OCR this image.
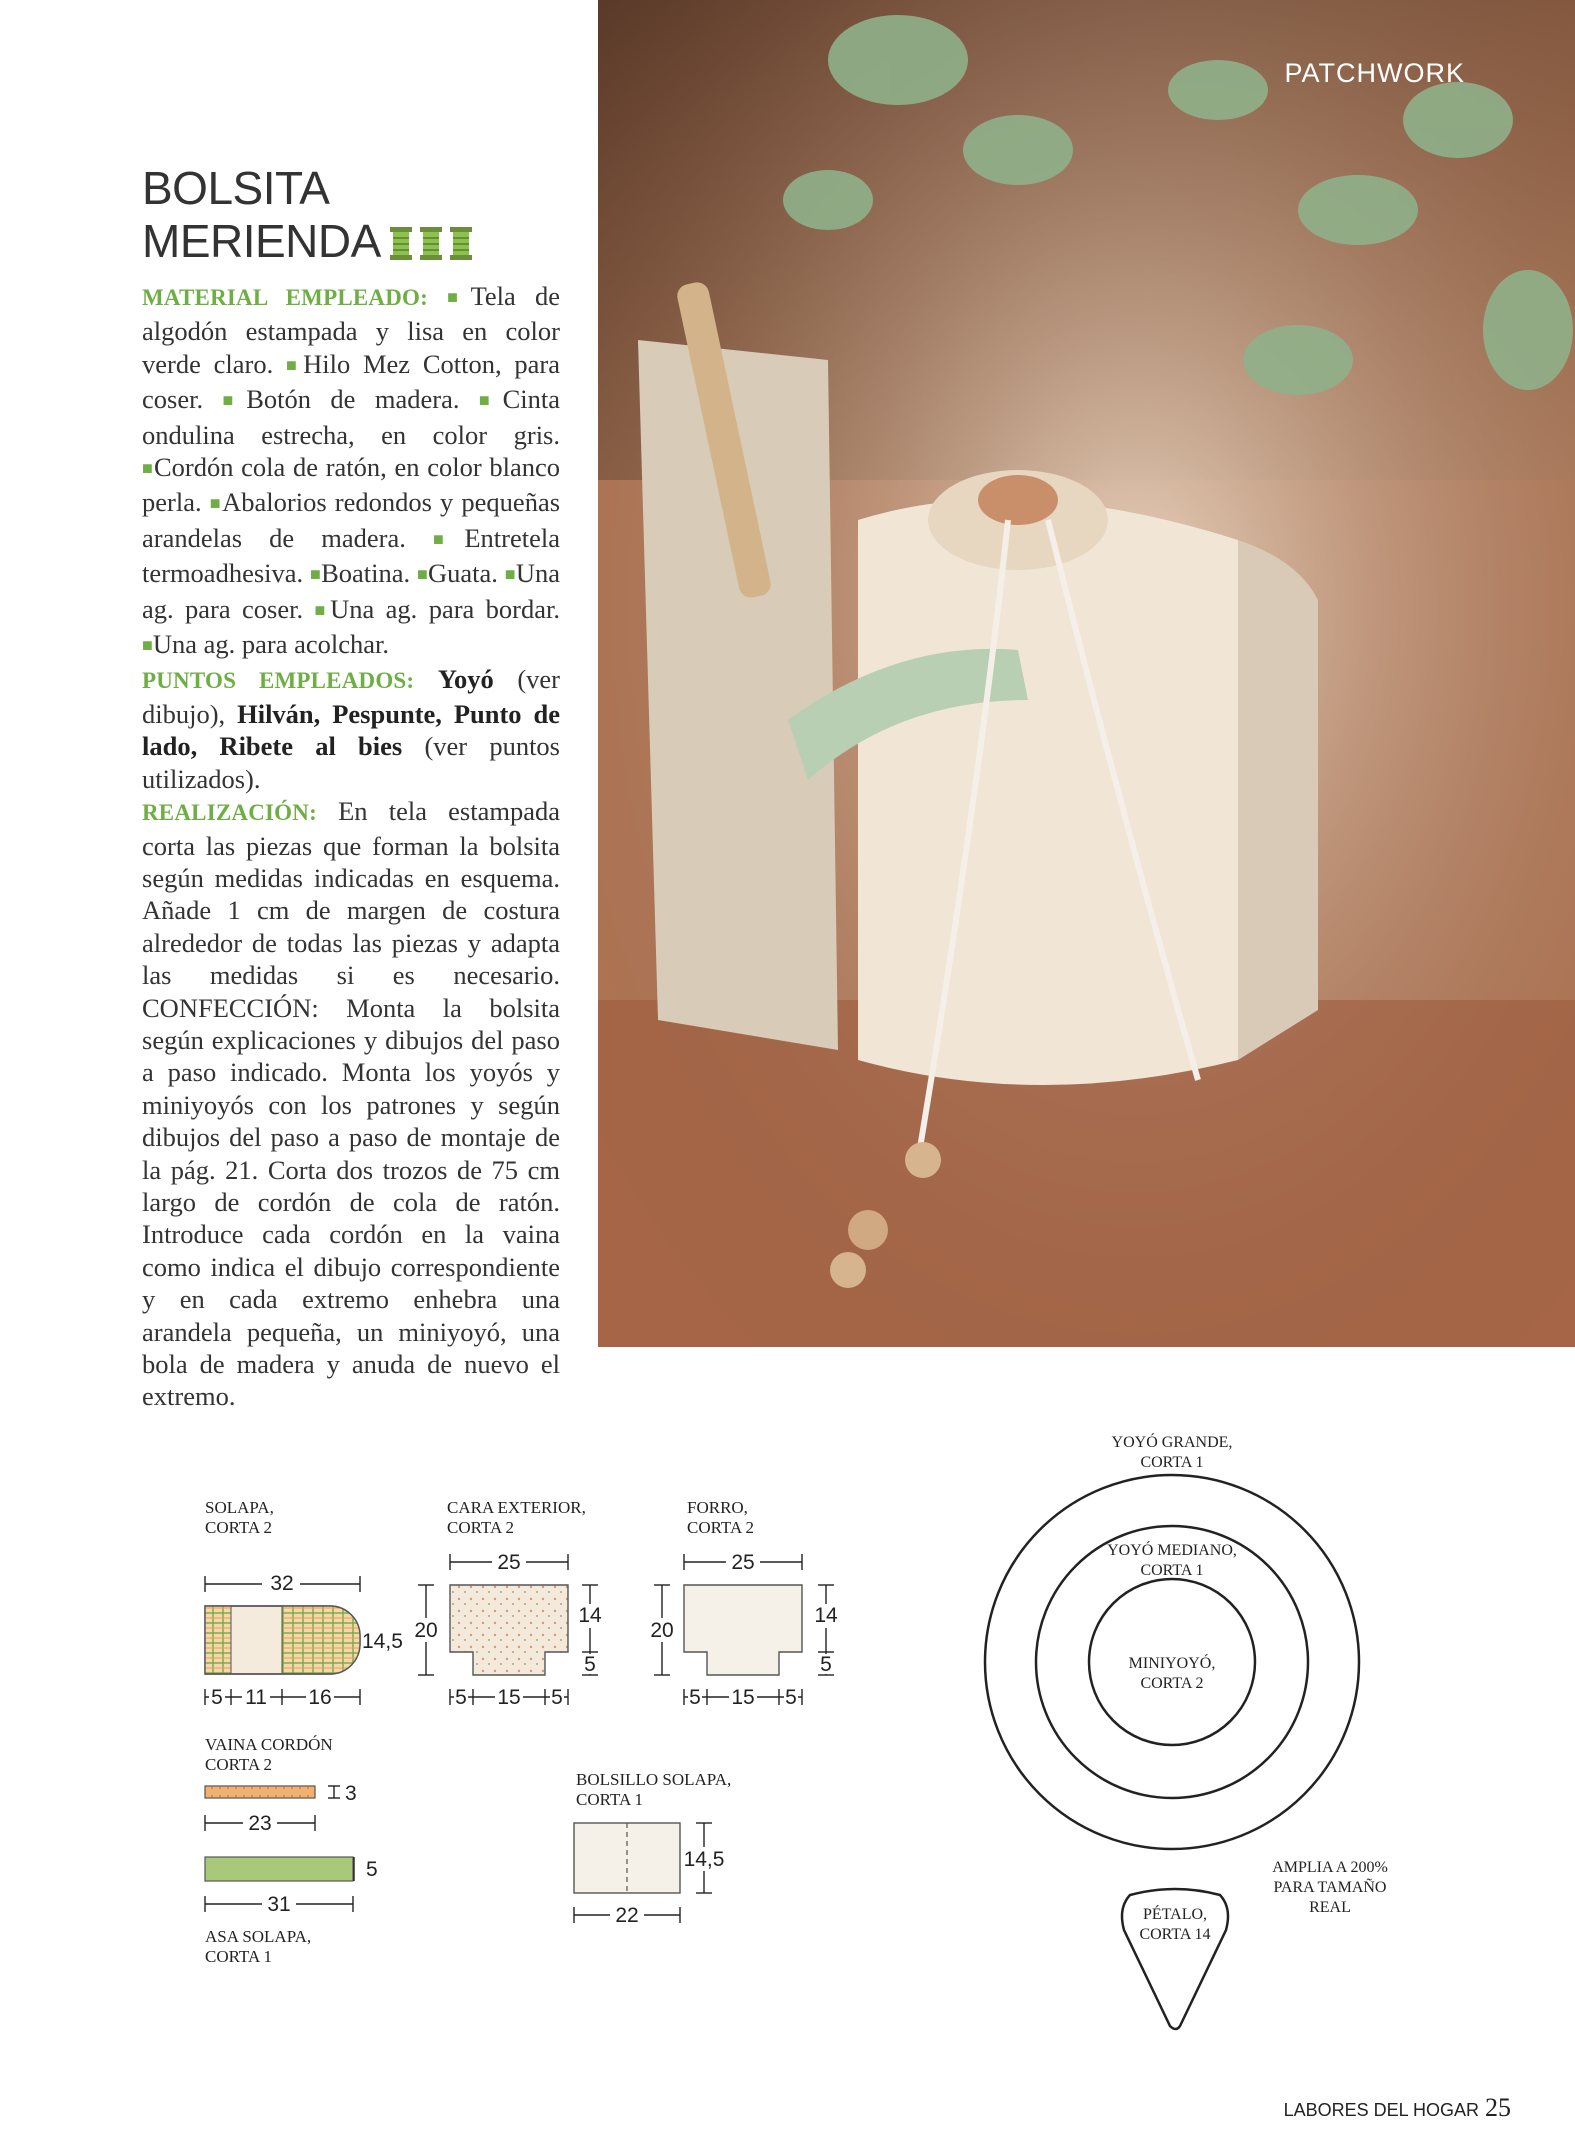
PATCHWORK
BOLSITA
MERIENDA

MATERIAL EMPLEADO: ■Tela de algodón estampada y lisa en color verde claro. ■Hilo Mez Cotton, para coser. ■Botón de madera. ■Cinta ondulina estrecha, en color gris. ■Cordón cola de ratón, en color blanco perla. ■Abalorios redondos y pequeñas arandelas de madera. ■Entretela termoadhesiva. ■Boatina. ■Guata. ■Una ag. para coser. ■Una ag. para bordar. ■Una ag. para acolchar.

PUNTOS EMPLEADOS: Yoyó (ver dibujo), Hilván, Pespunte, Punto de lado, Ribete al bies (ver puntos utilizados).

REALIZACIÓN: En tela estampada corta las piezas que forman la bolsita según medidas indicadas en esquema. Añade 1 cm de margen de costura alrededor de todas las piezas y adapta las medidas si es necesario. CONFECCIÓN: Monta la bolsita según explicaciones y dibujos del paso a paso indicado. Monta los yoyós y miniyoyós con los patrones y según dibujos del paso a paso de montaje de la pág. 21. Corta dos trozos de 75 cm largo de cordón de cola de ratón. Introduce cada cordón en la vaina como indica el dibujo correspondiente y en cada extremo enhebra una arandela pequeña, un miniyoyó, una bola de madera y anuda de nuevo el extremo.

SOLAPA,
CORTA 2
32
14,5
5 11 16
CARA EXTERIOR,
CORTA 2
25
20
14
5
5 15 5
FORRO,
CORTA 2
25
20
14
5
5 15 5
VAINA CORDÓN
CORTA 2
3
23
5
31
ASA SOLAPA,
CORTA 1
BOLSILLO SOLAPA,
CORTA 1
14,5
22
YOYÓ GRANDE,
CORTA 1
YOYÓ MEDIANO,
CORTA 1
MINIYOYÓ,
CORTA 2
PÉTALO,
CORTA 14
AMPLIA A 200%
PARA TAMAÑO
REAL
LABORES DEL HOGAR 25
